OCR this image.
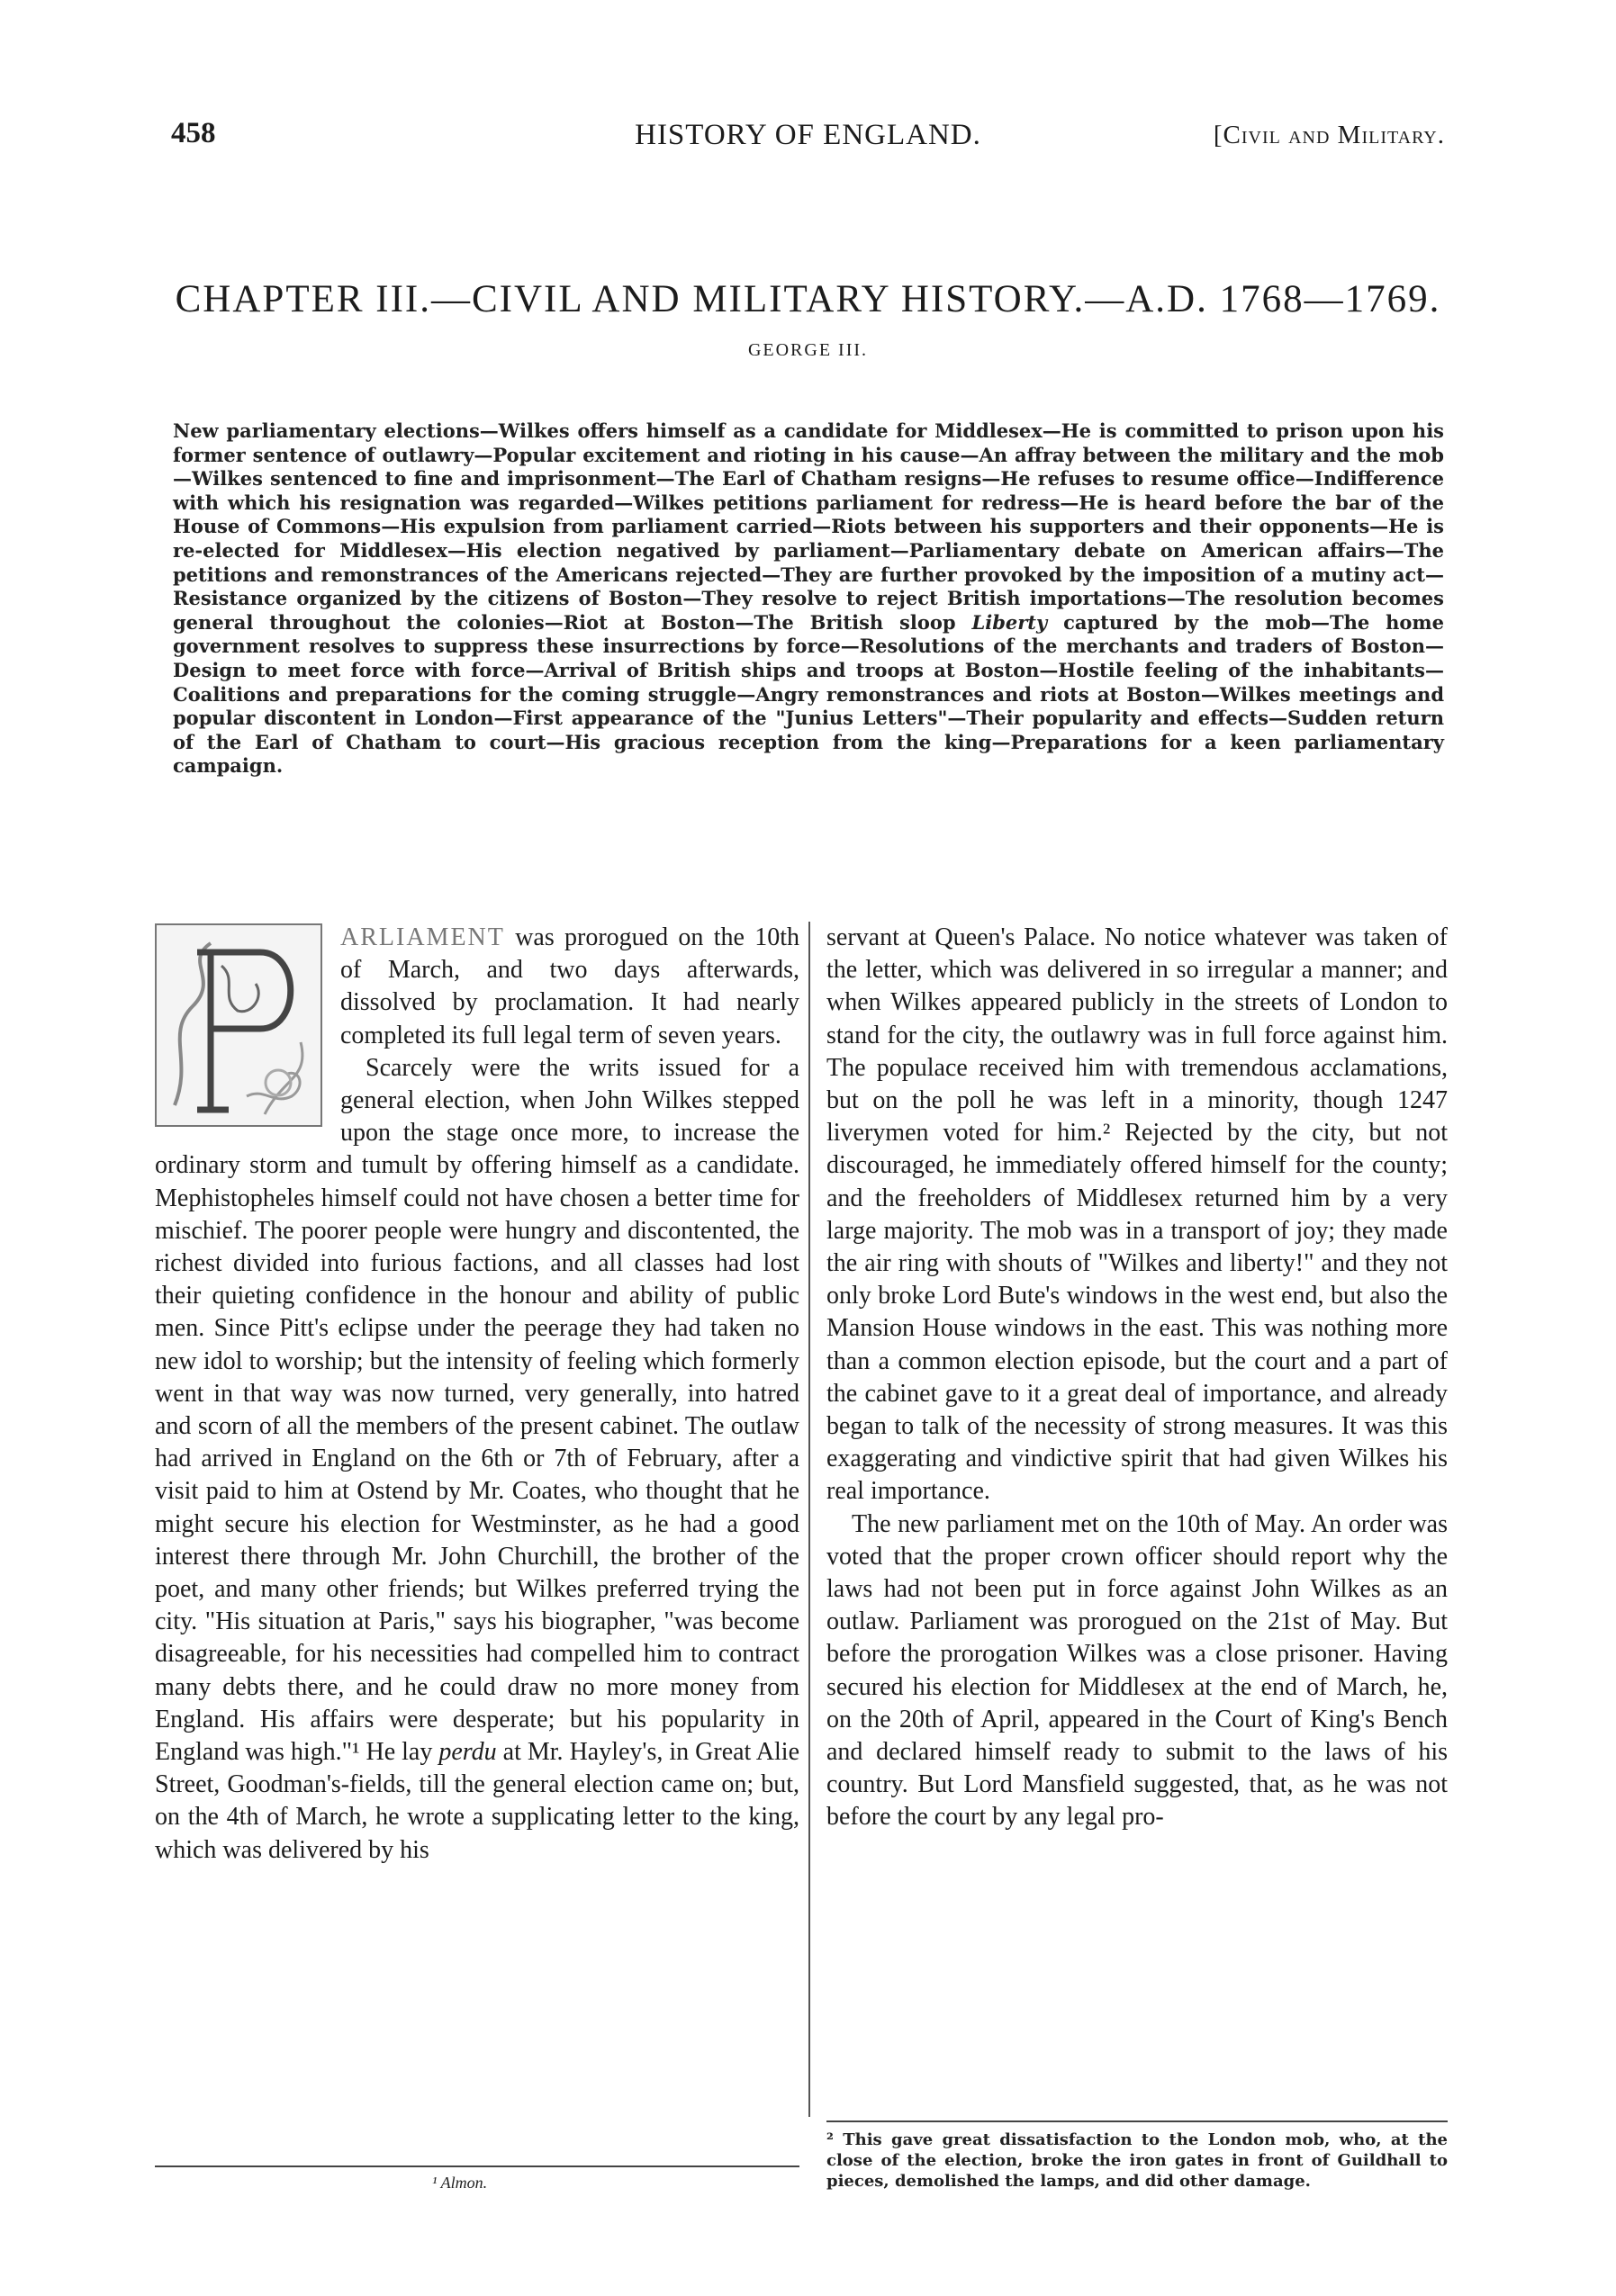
458	HISTORY OF ENGLAND.	[Civil and Military.
CHAPTER III.—CIVIL AND MILITARY HISTORY.—A.D. 1768—1769.
GEORGE III.
New parliamentary elections—Wilkes offers himself as a candidate for Middlesex—He is committed to prison upon his former sentence of outlawry—Popular excitement and rioting in his cause—An affray between the military and the mob—Wilkes sentenced to fine and imprisonment—The Earl of Chatham resigns—He refuses to resume office—Indifference with which his resignation was regarded—Wilkes petitions parliament for redress—He is heard before the bar of the House of Commons—His expulsion from parliament carried—Riots between his supporters and their opponents—He is re-elected for Middlesex—His election negatived by parliament—Parliamentary debate on American affairs—The petitions and remonstrances of the Americans rejected—They are further provoked by the imposition of a mutiny act—Resistance organized by the citizens of Boston—They resolve to reject British importations—The resolution becomes general throughout the colonies—Riot at Boston—The British sloop Liberty captured by the mob—The home government resolves to suppress these insurrections by force—Resolutions of the merchants and traders of Boston—Design to meet force with force—Arrival of British ships and troops at Boston—Hostile feeling of the inhabitants—Coalitions and preparations for the coming struggle—Angry remonstrances and riots at Boston—Wilkes meetings and popular discontent in London—First appearance of the "Junius Letters"—Their popularity and effects—Sudden return of the Earl of Chatham to court—His gracious reception from the king—Preparations for a keen parliamentary campaign.

ARLIAMENT was prorogued on the 10th of March, and two days afterwards, dissolved by proclamation. It had nearly completed its full legal term of seven years.

Scarcely were the writs issued for a general election, when John Wilkes stepped upon the stage once more, to increase the ordinary storm and tumult by offering himself as a candidate. Mephistopheles himself could not have chosen a better time for mischief. The poorer people were hungry and discontented, the richest divided into furious factions, and all classes had lost their quieting confidence in the honour and ability of public men. Since Pitt's eclipse under the peerage they had taken no new idol to worship; but the intensity of feeling which formerly went in that way was now turned, very generally, into hatred and scorn of all the members of the present cabinet. The outlaw had arrived in England on the 6th or 7th of February, after a visit paid to him at Ostend by Mr. Coates, who thought that he might secure his election for Westminster, as he had a good interest there through Mr. John Churchill, the brother of the poet, and many other friends; but Wilkes preferred trying the city. "His situation at Paris," says his biographer, "was become disagreeable, for his necessities had compelled him to contract many debts there, and he could draw no more money from England. His affairs were desperate; but his popularity in England was high."¹ He lay perdu at Mr. Hayley's, in Great Alie Street, Goodman's-fields, till the general election came on; but, on the 4th of March, he wrote a supplicating letter to the king, which was delivered by his

servant at Queen's Palace. No notice whatever was taken of the letter, which was delivered in so irregular a manner; and when Wilkes appeared publicly in the streets of London to stand for the city, the outlawry was in full force against him. The populace received him with tremendous acclamations, but on the poll he was left in a minority, though 1247 liverymen voted for him.² Rejected by the city, but not discouraged, he immediately offered himself for the county; and the freeholders of Middlesex returned him by a very large majority. The mob was in a transport of joy; they made the air ring with shouts of "Wilkes and liberty!" and they not only broke Lord Bute's windows in the west end, but also the Mansion House windows in the east. This was nothing more than a common election episode, but the court and a part of the cabinet gave to it a great deal of importance, and already began to talk of the necessity of strong measures. It was this exaggerating and vindictive spirit that had given Wilkes his real importance.

The new parliament met on the 10th of May. An order was voted that the proper crown officer should report why the laws had not been put in force against John Wilkes as an outlaw. Parliament was prorogued on the 21st of May. But before the prorogation Wilkes was a close prisoner. Having secured his election for Middlesex at the end of March, he, on the 20th of April, appeared in the Court of King's Bench and declared himself ready to submit to the laws of his country. But Lord Mansfield suggested, that, as he was not before the court by any legal pro-

¹ Almon.
² This gave great dissatisfaction to the London mob, who, at the close of the election, broke the iron gates in front of Guildhall to pieces, demolished the lamps, and did other damage.
